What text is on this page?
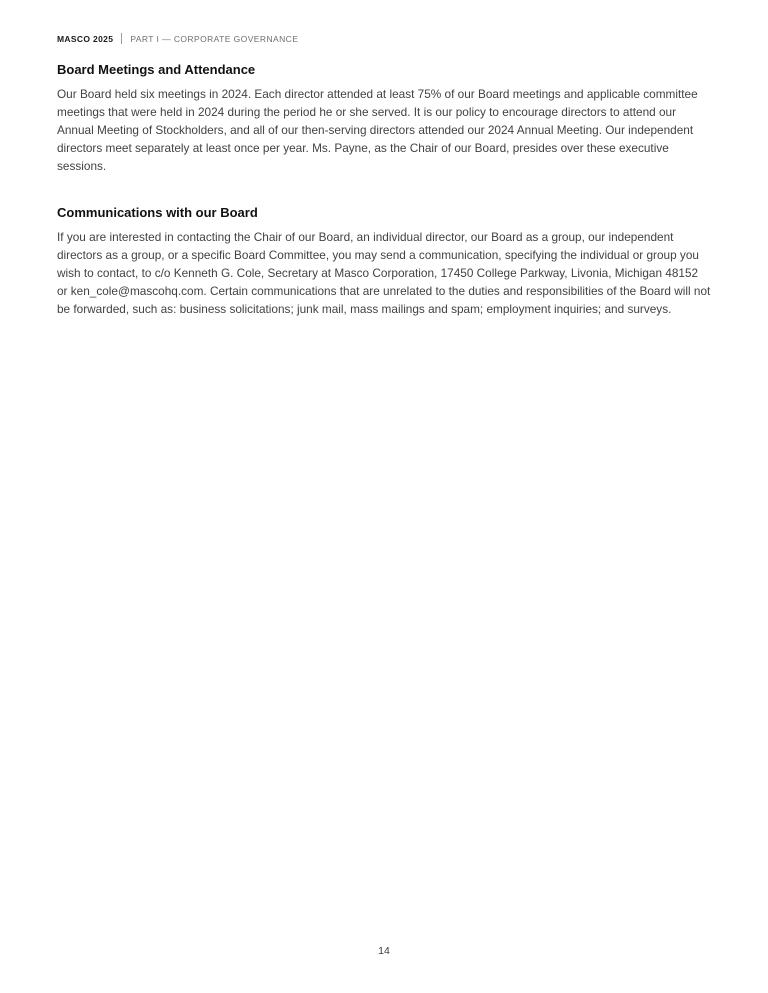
MASCO 2025 PART I — CORPORATE GOVERNANCE
Board Meetings and Attendance

Our Board held six meetings in 2024. Each director attended at least 75% of our Board meetings and applicable committee meetings that were held in 2024 during the period he or she served. It is our policy to encourage directors to attend our Annual Meeting of Stockholders, and all of our then-serving directors attended our 2024 Annual Meeting. Our independent directors meet separately at least once per year. Ms. Payne, as the Chair of our Board, presides over these executive sessions.

Communications with our Board

If you are interested in contacting the Chair of our Board, an individual director, our Board as a group, our independent directors as a group, or a specific Board Committee, you may send a communication, specifying the individual or group you wish to contact, to c/o Kenneth G. Cole, Secretary at Masco Corporation, 17450 College Parkway, Livonia, Michigan 48152 or ken_cole@mascohq.com. Certain communications that are unrelated to the duties and responsibilities of the Board will not be forwarded, such as: business solicitations; junk mail, mass mailings and spam; employment inquiries; and surveys.

14
